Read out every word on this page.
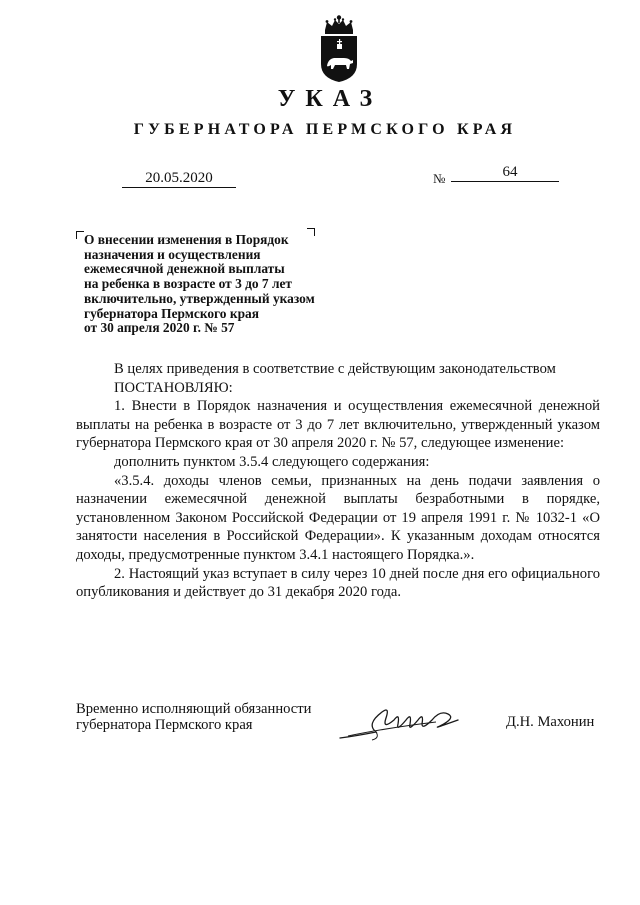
УКАЗ
ГУБЕРНАТОРА ПЕРМСКОГО КРАЯ
20.05.2020	№	64
О внесении изменения в Порядок
назначения и осуществления
ежемесячной денежной выплаты
на ребенка в возрасте от 3 до 7 лет
включительно, утвержденный указом
губернатора Пермского края
от 30 апреля 2020 г. № 57

В целях приведения в соответствие с действующим законодательством

ПОСТАНОВЛЯЮ:

1. Внести в Порядок назначения и осуществления ежемесячной денежной выплаты на ребенка в возрасте от 3 до 7 лет включительно, утвержденный указом губернатора Пермского края от 30 апреля 2020 г. № 57, следующее изменение:

дополнить пунктом 3.5.4 следующего содержания:

«3.5.4. доходы членов семьи, признанных на день подачи заявления о назначении ежемесячной денежной выплаты безработными в порядке, установленном Законом Российской Федерации от 19 апреля 1991 г. № 1032-1 «О занятости населения в Российской Федерации». К указанным доходам относятся доходы, предусмотренные пунктом 3.4.1 настоящего Порядка.».

2. Настоящий указ вступает в силу через 10 дней после дня его официального опубликования и действует до 31 декабря 2020 года.

Временно исполняющий обязанности
губернатора Пермского края	Д.Н. Махонин
